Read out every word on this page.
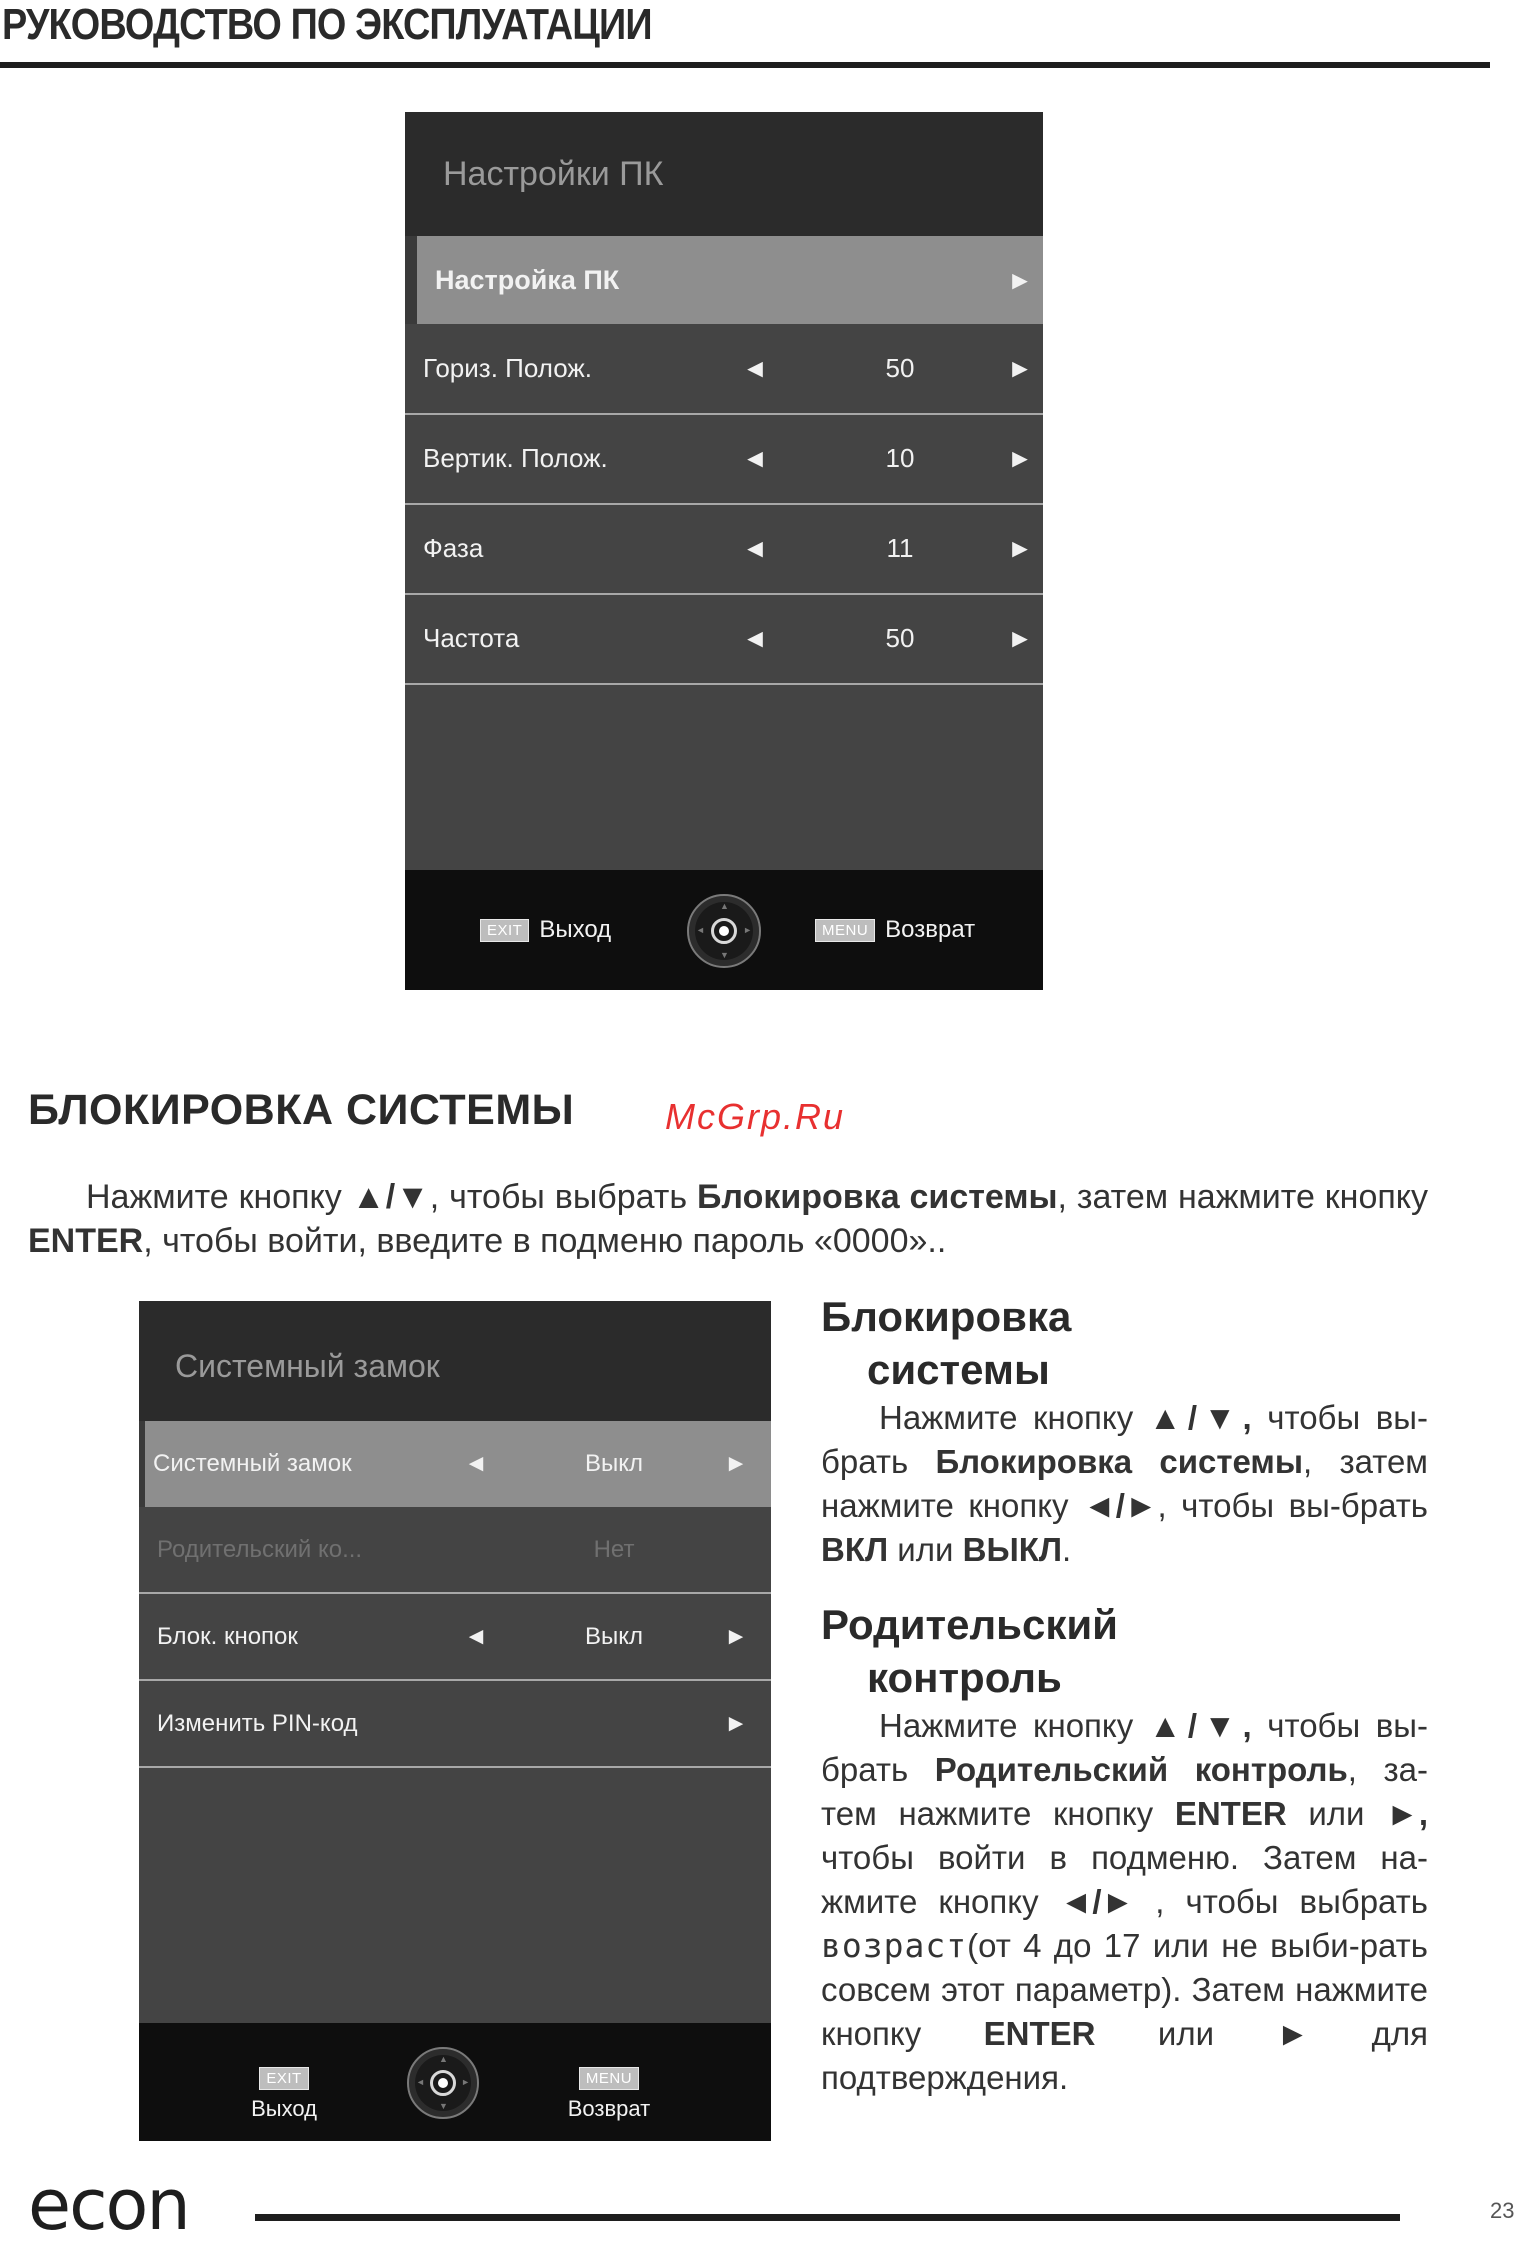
РУКОВОДСТВО ПО ЭКСПЛУАТАЦИИ
Настройки ПК
Настройка ПК	►
Гориз. Полож.	◄	50	►
Вертик. Полож.	◄	10	►
Фаза	◄	11	►
Частота	◄	50	►
EXIT Выход
▲
▼
◄	►	MENU Возврат
БЛОКИРОВКА СИСТЕМЫ	McGrp.Ru
Нажмите кнопку ▲/▼, чтобы выбрать Блокировка системы, затем нажмите кнопку ENTER, чтобы войти, введите в подменю пароль «0000»..
Системный замок
Системный замок	◄	Выкл	►
Родительский ко...	Нет
Блок. кнопок	◄	Выкл	►
Изменить PIN-код	►
EXIT
Выход
▲
▼
◄	►	MENU
Возврат
Блокировка
системы
Нажмите кнопку ▲/▼, чтобы вы-брать Блокировка системы, затем нажмите кнопку ◄/►, чтобы вы-брать ВКЛ или ВЫКЛ.
Родительский
контроль
Нажмите кнопку ▲/▼, чтобы вы-брать Родительский контроль, за-тем нажмите кнопку ENTER или ►, чтобы войти в подменю. Затем на-жмите кнопку ◄/► , чтобы выбрать возраст(от 4 до 17 или не выби-рать совсем этот параметр). Затем нажмите кнопку ENTER или ► для подтверждения.
econ	23
